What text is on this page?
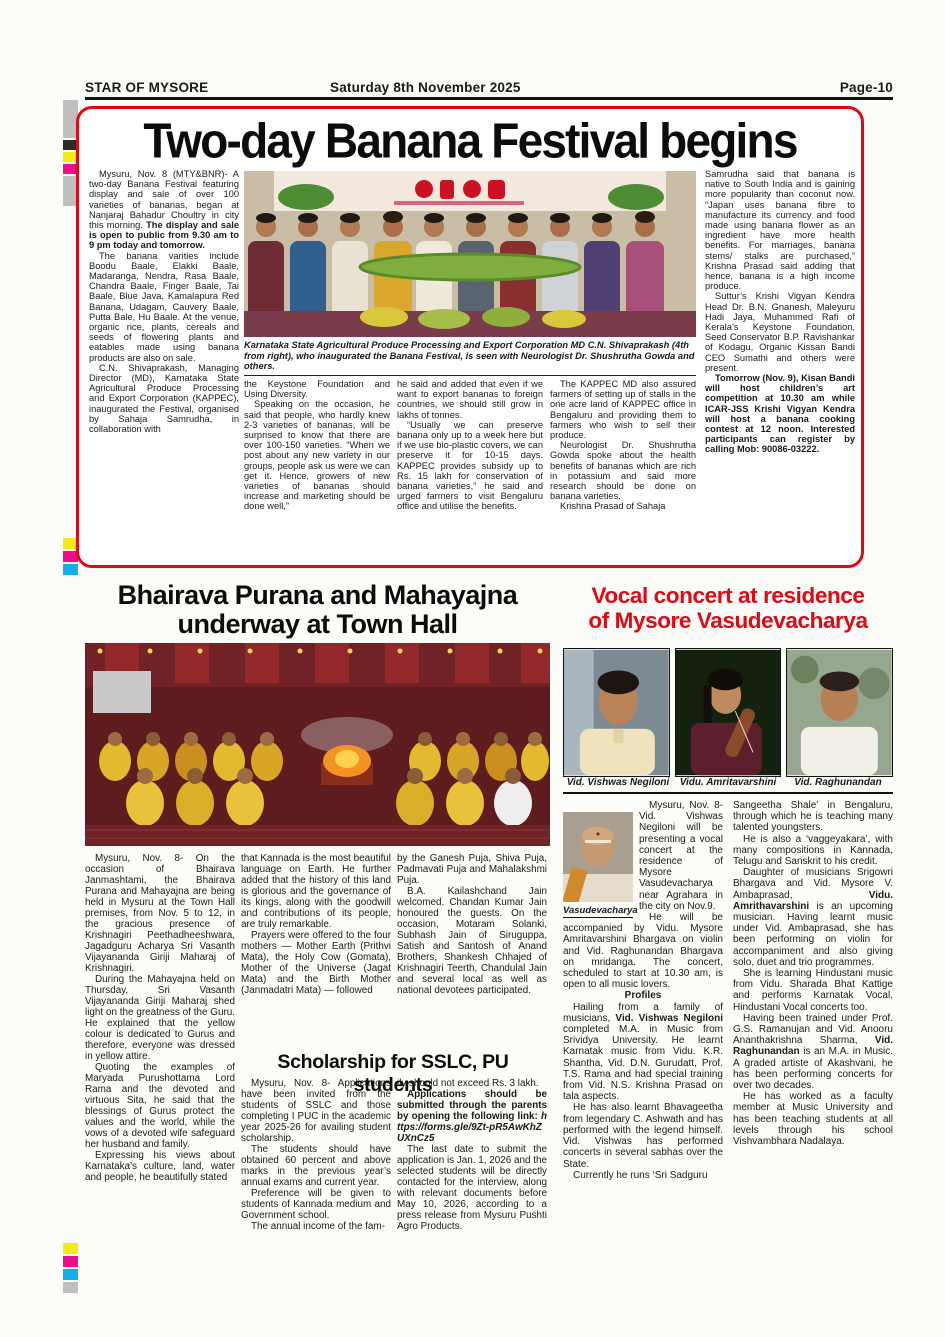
STAR OF MYSORE	Saturday 8th November 2025	Page-10
Two-day Banana Festival begins

Mysuru, Nov. 8 (MTY&BNR)- A two-day Banana Festival featuring display and sale of over 100 varieties of bananas, began at Nanjaraj Bahadur Choultry in city this morning. The display and sale is open to public from 9.30 am to 9 pm today and tomorrow.

The banana varities include Boodu Baale, Elakki Baale, Madaranga, Nendra, Rasa Baale, Chandra Baale, Finger Baale, Tai Baale, Blue Java, Kamalapura Red Banana, Udagam, Cauvery Baale, Putta Bale, Hu Baale. At the venue, organic rice, plants, cereals and seeds of flowering plants and eatables made using banana products are also on sale.

C.N. Shivaprakash, Managing Director (MD), Karnataka State Agricultural Produce Processing and Export Corporation (KAPPEC), inaugurated the Festival, organised by Sahaja Samrudha, in collaboration with

Karnataka State Agricultural Produce Processing and Export Corporation MD C.N. Shivaprakash (4th from right), who inaugurated the Banana Festival, is seen with Neurologist Dr. Shushrutha Gowda and others.

the Keystone Foundation and Using Diversity.

Speaking on the occasion, he said that people, who hardly knew 2-3 varieties of bananas, will be surprised to know that there are over 100-150 varieties. “When we post about any new variety in our groups, people ask us were we can get it. Hence, growers of new varieties of bananas should increase and marketing should be done well,”

he said and added that even if we want to export bananas to foreign countries, we should still grow in lakhs of tonnes.

“Usually we can preserve banana only up to a week here but if we use bio-plastic covers, we can preserve it for 10-15 days. KAPPEC provides subsidy up to Rs. 15 lakh for conservation of banana varieties,” he said and urged farmers to visit Bengaluru office and utilise the benefits.

The KAPPEC MD also assured farmers of setting up of stalls in the one acre land of KAPPEC office in Bengaluru and providing them to farmers who wish to sell their produce.

Neurologist Dr. Shushrutha Gowda spoke about the health benefits of bananas which are rich in potassium and said more research should be done on banana varieties.

Krishna Prasad of Sahaja

Samrudha said that banana is native to South India and is gaining more popularity than coconut now. “Japan uses banana fibre to manufacture its currency and food made using banana flower as an ingredient have more health benefits. For marriages, banana stems/ stalks are purchased,” Krishna Prasad said adding that hence, banana is a high income produce.

Suttur’s Krishi Vigyan Kendra Head Dr. B.N. Gnanesh, Maleyuru Hadi Jaya, Muhammed Rafi of Kerala’s Keystone Foundation, Seed Conservator B.P. Ravishankar of Kodagu, Organic Kissan Bandi CEO Sumathi and others were present.

Tomorrow (Nov. 9), Kisan Bandi will host children’s art competition at 10.30 am while ICAR-JSS Krishi Vigyan Kendra will host a banana cooking contest at 12 noon. Interested participants can register by calling Mob: 90086-03222.

Bhairava Purana and Mahayajna
underway at Town Hall

Mysuru, Nov. 8- On the occasion of Bhairava Janmashtami, the Bhairava Purana and Mahayajna are being held in Mysuru at the Town Hall premises, from Nov. 5 to 12, in the gracious presence of Krishnagiri Peethadheeshwara, Jagadguru Acharya Sri Vasanth Vijayananda Giriji Maharaj of Krishnagiri.

During the Mahayajna held on Thursday, Sri Vasanth Vijayananda Giriji Maharaj shed light on the greatness of the Guru. He explained that the yellow colour is dedicated to Gurus and therefore, everyone was dressed in yellow attire.

Quoting the examples of Maryada Purushottama Lord Rama and the devoted and virtuous Sita, he said that the blessings of Gurus protect the values and the world, while the vows of a devoted wife safeguard her husband and family.

Expressing his views about Karnataka’s culture, land, water and people, he beautifully stated

that Kannada is the most beautiful language on Earth. He further added that the history of this land is glorious and the governance of its kings, along with the goodwill and contributions of its people, are truly remarkable.

Prayers were offered to the four mothers — Mother Earth (Prithvi Mata), the Holy Cow (Gomata), Mother of the Universe (Jagat Mata) and the Birth Mother (Janmadatri Mata) — followed

by the Ganesh Puja, Shiva Puja, Padmavati Puja and Mahalakshmi Puja.

B.A. Kailashchand Jain welcomed. Chandan Kumar Jain honoured the guests. On the occasion, Motaram Solanki, Subhash Jain of Siruguppa, Satish and Santosh of Anand Brothers, Shankesh Chhajed of Krishnagiri Teerth, Chandulal Jain and several local as well as national devotees participated.

Scholarship for SSLC, PU students

Mysuru, Nov. 8- Applications have been invited from the students of SSLC and those completing I PUC in the academic year 2025-26 for availing student scholarship.

The students should have obtained 60 percent and above marks in the previous year’s annual exams and current year.

Preference will be given to students of Kannada medium and Government school.

The annual income of the fam-

ily should not exceed Rs. 3 lakh.

Applications should be submitted through the parents by opening the following link: https://forms.gle/9Zt-pR5AwKhZUXnCz5

The last date to submit the application is Jan. 1, 2026 and the selected students will be directly contacted for the interview, along with relevant documents before May 10, 2026, according to a press release from Mysuru Pushti Agro Products.

Vocal concert at residence
of Mysore Vasudevacharya
Vid. Vishwas Negiloni	Vidu. Amritavarshini	Vid. Raghunandan
Vasudevacharya

Mysuru, Nov. 8- Vid. Vishwas Negiloni will be presenting a vocal concert at the residence of Mysore Vasudevacharya near Agrahara in the city on Nov.9.

He will be accompanied by Vidu. Mysore Amritavarshini Bhargava on violin and Vid. Raghunandan Bhargava on mridanga. The concert, scheduled to start at 10.30 am, is open to all music lovers.

Profiles

Hailing from a family of musicians, Vid. Vishwas Negiloni completed M.A. in Music from Srividya University. He learnt Karnatak music from Vidu. K.R. Shantha, Vid. D.N. Gurudatt, Prof. T.S. Rama and had special training from Vid. N.S. Krishna Prasad on tala aspects.

He has also learnt Bhavageetha from legendary C. Ashwath and has performed with the legend himself. Vid. Vishwas has performed concerts in several sabhas over the State.

Currently he runs ‘Sri Sadguru

Sangeetha Shale’ in Bengaluru, through which he is teaching many talented youngsters.

He is also a ‘vaggeyakara’, with many compositions in Kannada, Telugu and Sanskrit to his credit.

Daughter of musicians Srigowri Bhargava and Vid. Mysore V. Ambaprasad, Vidu. Amrithavarshini is an upcoming musician. Having learnt music under Vid. Ambaprasad, she has been performing on violin for accompaniment and also giving solo, duet and trio programmes.

She is learning Hindustani music from Vidu. Sharada Bhat Kattige and performs Karnatak Vocal, Hindustani Vocal concerts too.

Having been trained under Prof. G.S. Ramanujan and Vid. Anooru Ananthakrishna Sharma, Vid. Raghunandan is an M.A. in Music. A graded artiste of Akashvani, he has been performing concerts for over two decades.

He has worked as a faculty member at Music University and has been teaching students at all levels through his school Vishvambhara Nadalaya.
